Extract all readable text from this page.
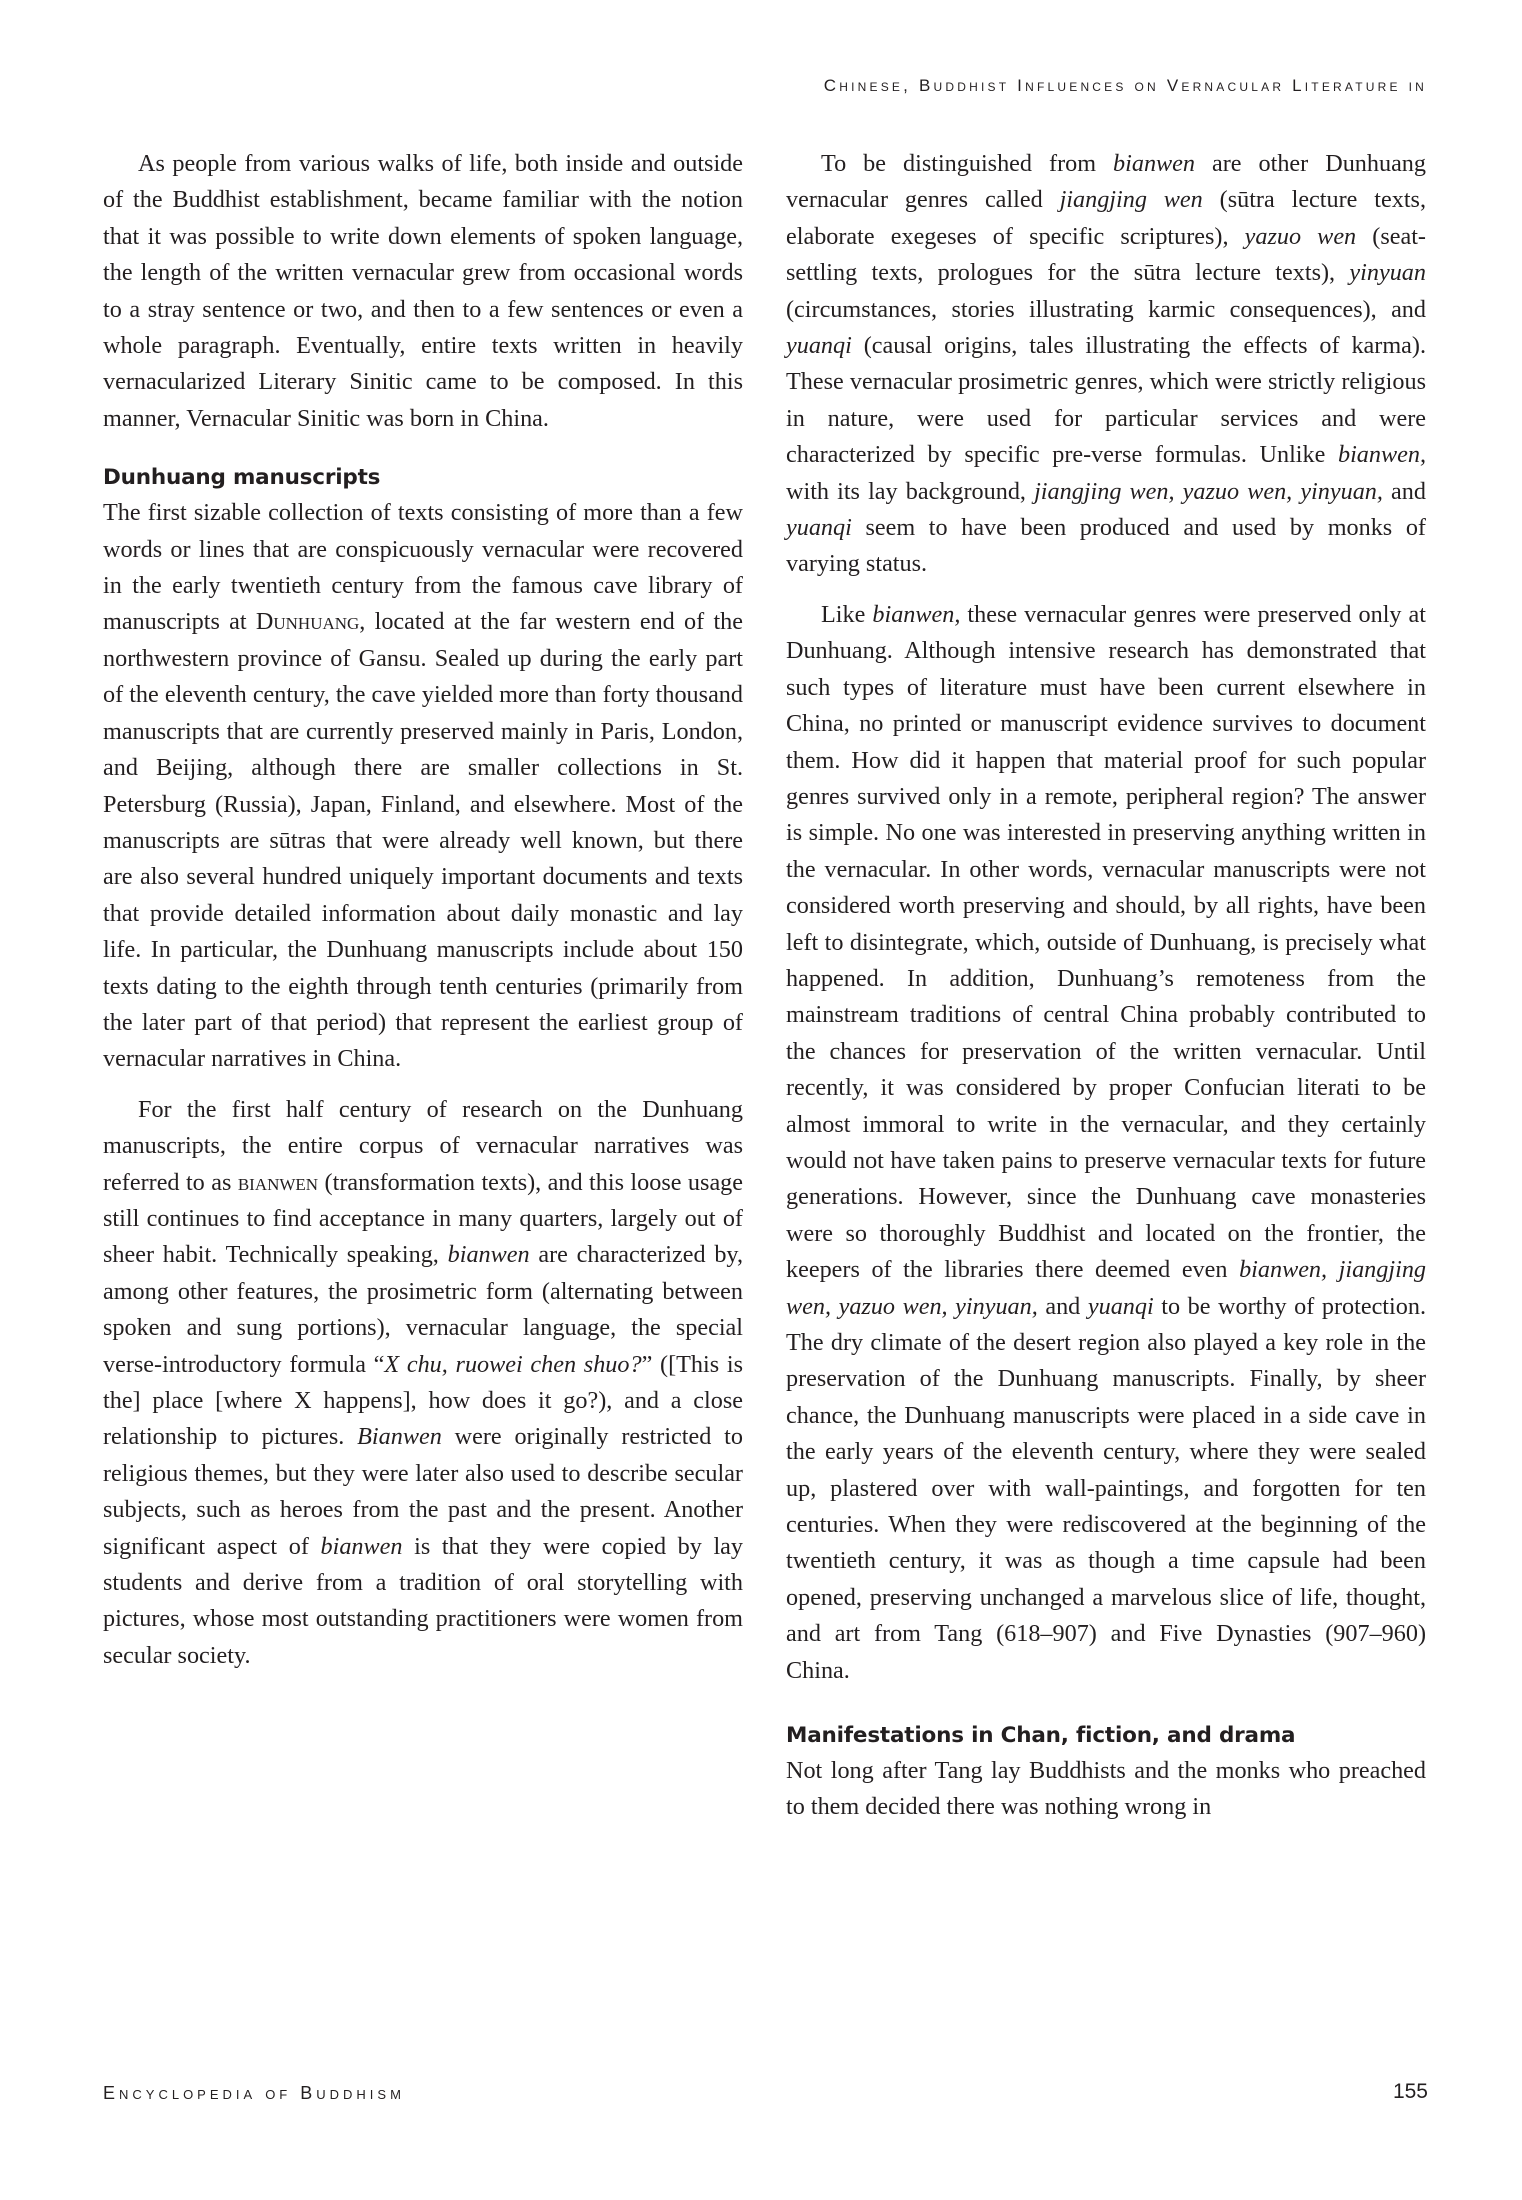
Chinese, Buddhist Influences on Vernacular Literature in

As people from various walks of life, both inside and outside of the Buddhist establishment, became familiar with the notion that it was possible to write down elements of spoken language, the length of the written vernacular grew from occasional words to a stray sentence or two, and then to a few sentences or even a whole paragraph. Eventually, entire texts written in heavily vernacularized Literary Sinitic came to be composed. In this manner, Vernacular Sinitic was born in China.

Dunhuang manuscripts

The first sizable collection of texts consisting of more than a few words or lines that are conspicuously vernacular were recovered in the early twentieth century from the famous cave library of manuscripts at Dunhuang, located at the far western end of the northwestern province of Gansu. Sealed up during the early part of the eleventh century, the cave yielded more than forty thousand manuscripts that are currently preserved mainly in Paris, London, and Beijing, although there are smaller collections in St. Petersburg (Russia), Japan, Finland, and elsewhere. Most of the manuscripts are sūtras that were already well known, but there are also several hundred uniquely important documents and texts that provide detailed information about daily monastic and lay life. In particular, the Dunhuang manuscripts include about 150 texts dating to the eighth through tenth centuries (primarily from the later part of that period) that represent the earliest group of vernacular narratives in China.

For the first half century of research on the Dunhuang manuscripts, the entire corpus of vernacular narratives was referred to as bianwen (transformation texts), and this loose usage still continues to find acceptance in many quarters, largely out of sheer habit. Technically speaking, bianwen are characterized by, among other features, the prosimetric form (alternating between spoken and sung portions), vernacular language, the special verse-introductory formula “X chu, ruowei chen shuo?” ([This is the] place [where X happens], how does it go?), and a close relationship to pictures. Bianwen were originally restricted to religious themes, but they were later also used to describe secular subjects, such as heroes from the past and the present. Another significant aspect of bianwen is that they were copied by lay students and derive from a tradition of oral storytelling with pictures, whose most outstanding practitioners were women from secular society.

To be distinguished from bianwen are other Dunhuang vernacular genres called jiangjing wen (sūtra lecture texts, elaborate exegeses of specific scriptures), yazuo wen (seat-settling texts, prologues for the sūtra lecture texts), yinyuan (circumstances, stories illustrating karmic consequences), and yuanqi (causal origins, tales illustrating the effects of karma). These vernacular prosimetric genres, which were strictly religious in nature, were used for particular services and were characterized by specific pre-verse formulas. Unlike bianwen, with its lay background, jiangjing wen, yazuo wen, yinyuan, and yuanqi seem to have been produced and used by monks of varying status.

Like bianwen, these vernacular genres were preserved only at Dunhuang. Although intensive research has demonstrated that such types of literature must have been current elsewhere in China, no printed or manuscript evidence survives to document them. How did it happen that material proof for such popular genres survived only in a remote, peripheral region? The answer is simple. No one was interested in preserving anything written in the vernacular. In other words, vernacular manuscripts were not considered worth preserving and should, by all rights, have been left to disintegrate, which, outside of Dunhuang, is precisely what happened. In addition, Dunhuang’s remoteness from the mainstream traditions of central China probably contributed to the chances for preservation of the written vernacular. Until recently, it was considered by proper Confucian literati to be almost immoral to write in the vernacular, and they certainly would not have taken pains to preserve vernacular texts for future generations. However, since the Dunhuang cave monasteries were so thoroughly Buddhist and located on the frontier, the keepers of the libraries there deemed even bianwen, jiangjing wen, yazuo wen, yinyuan, and yuanqi to be worthy of protection. The dry climate of the desert region also played a key role in the preservation of the Dunhuang manuscripts. Finally, by sheer chance, the Dunhuang manuscripts were placed in a side cave in the early years of the eleventh century, where they were sealed up, plastered over with wall-paintings, and forgotten for ten centuries. When they were rediscovered at the beginning of the twentieth century, it was as though a time capsule had been opened, preserving unchanged a marvelous slice of life, thought, and art from Tang (618–907) and Five Dynasties (907–960) China.

Manifestations in Chan, fiction, and drama

Not long after Tang lay Buddhists and the monks who preached to them decided there was nothing wrong in

Encyclopedia of Buddhism	155
